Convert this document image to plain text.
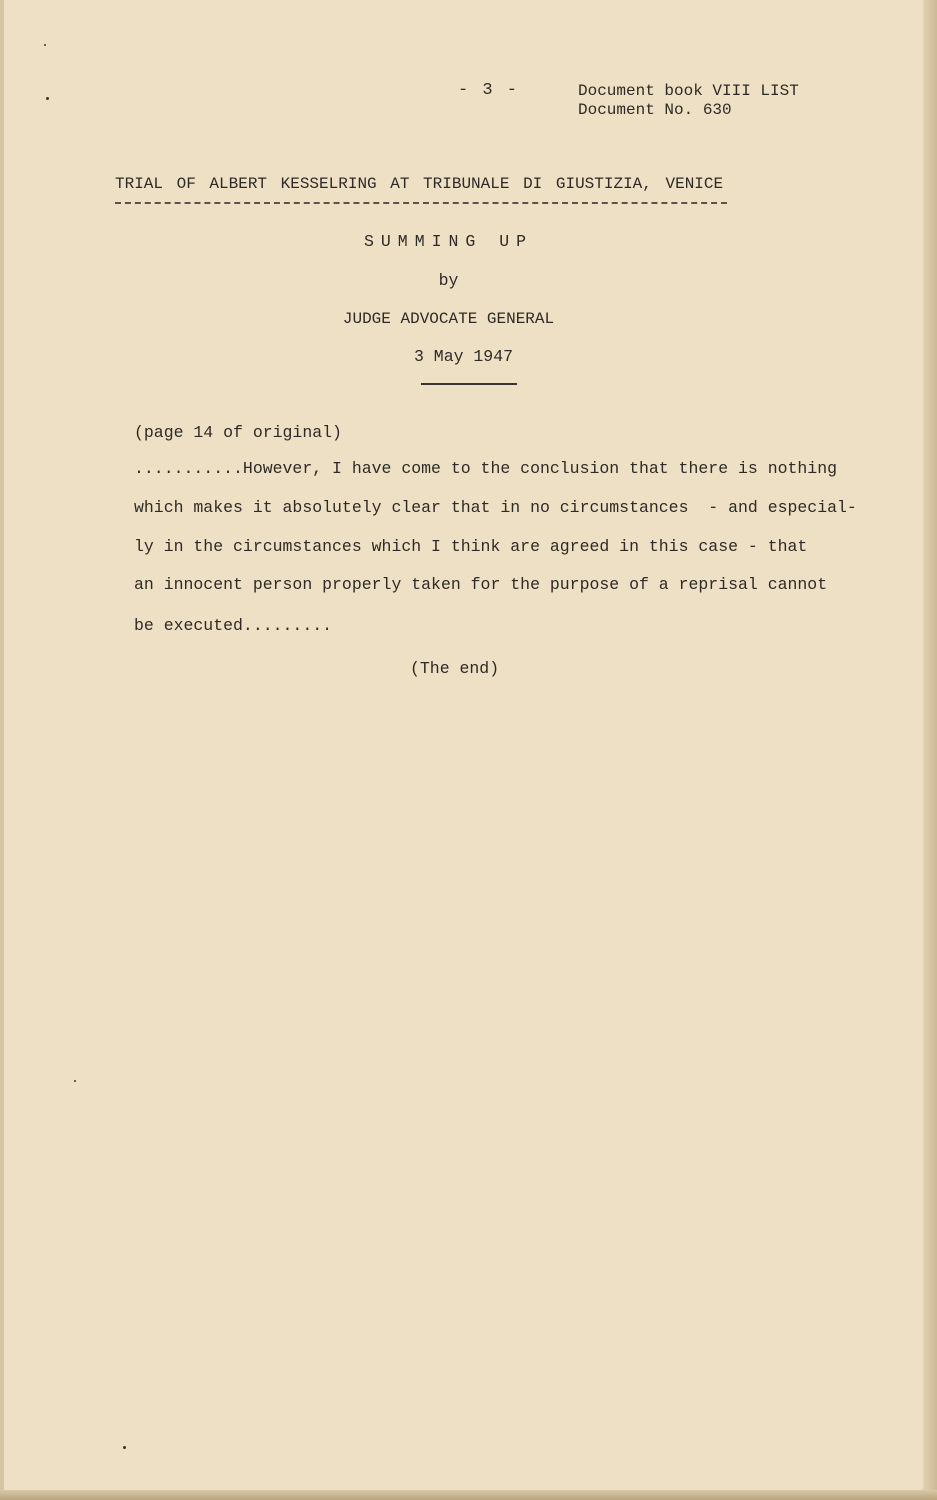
- 3 -	Document book VIII LIST
Document No. 630
TRIAL OF ALBERT KESSELRING AT TRIBUNALE DI GIUSTIZIA, VENICE
SUMMING UP
by
JUDGE ADVOCATE GENERAL
3 May 1947
(page 14 of original)
...........However, I have come to the conclusion that there is nothing
which makes it absolutely clear that in no circumstances  - and especial-
ly in the circumstances which I think are agreed in this case - that
an innocent person properly taken for the purpose of a reprisal cannot
be executed.........
(The end)
